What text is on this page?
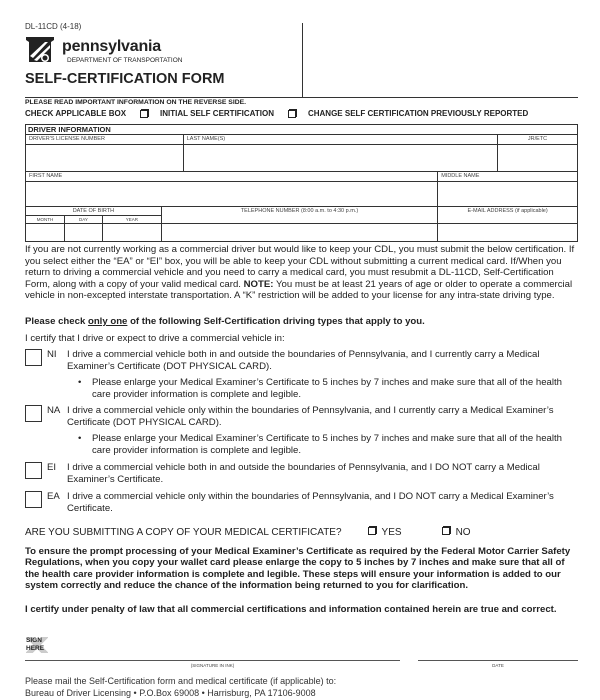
DL-11CD (4-18)
pennsylvania
DEPARTMENT OF TRANSPORTATION
SELF-CERTIFICATION FORM
PLEASE READ IMPORTANT INFORMATION ON THE REVERSE SIDE.
CHECK APPLICABLE BOX	INITIAL SELF CERTIFICATION	CHANGE SELF CERTIFICATION PREVIOUSLY REPORTED
DRIVER INFORMATION						
DRIVER'S LICENSE NUMBER				LAST NAME(S)		JR/ETC

FIRST NAME					MIDDLE NAME	

DATE OF BIRTH			TELEPHONE NUMBER (8:00 a.m. to 4:30 p.m.)		E-MAIL ADDRESS (if applicable)	
MONTH	DAY	YEAR				

If you are not currently working as a commercial driver but would like to keep your CDL, you must submit the below certification. If you select either the “EA” or “EI” box, you will be able to keep your CDL without submitting a current medical card. If/When you return to driving a commercial vehicle and you need to carry a medical card, you must resubmit a DL-11CD, Self-Certification Form, along with a copy of your valid medical card. NOTE: You must be at least 21 years of age or older to operate a commercial vehicle in non-excepted interstate transportation. A “K” restriction will be added to your license for any intra-state driving type.
Please check only one of the following Self-Certification driving types that apply to you.
I certify that I drive or expect to drive a commercial vehicle in:
NI I drive a commercial vehicle both in and outside the boundaries of Pennsylvania, and I currently carry a Medical Examiner’s Certificate (DOT PHYSICAL CARD).
• Please enlarge your Medical Examiner’s Certificate to 5 inches by 7 inches and make sure that all of the health care provider information is complete and legible.
NA I drive a commercial vehicle only within the boundaries of Pennsylvania, and I currently carry a Medical Examiner’s Certificate (DOT PHYSICAL CARD).
• Please enlarge your Medical Examiner’s Certificate to 5 inches by 7 inches and make sure that all of the health care provider information is complete and legible.
EI I drive a commercial vehicle both in and outside the boundaries of Pennsylvania, and I DO NOT carry a Medical Examiner’s Certificate.
EA I drive a commercial vehicle only within the boundaries of Pennsylvania, and I DO NOT carry a Medical Examiner’s Certificate.
ARE YOU SUBMITTING A COPY OF YOUR MEDICAL CERTIFICATE?	YES	NO
To ensure the prompt processing of your Medical Examiner’s Certificate as required by the Federal Motor Carrier Safety Regulations, when you copy your wallet card please enlarge the copy to 5 inches by 7 inches and make sure that all of the health care provider information is complete and legible. These steps will ensure your information is added to our system correctly and reduce the chance of the information being returned to you for clarification.
I certify under penalty of law that all commercial certifications and information contained herein are true and correct.
SIGN HERE
(SIGNATURE IN INK)	DATE
Please mail the Self-Certification form and medical certificate (if applicable) to:
Bureau of Driver Licensing • P.O.Box 69008 • Harrisburg, PA 17106-9008
